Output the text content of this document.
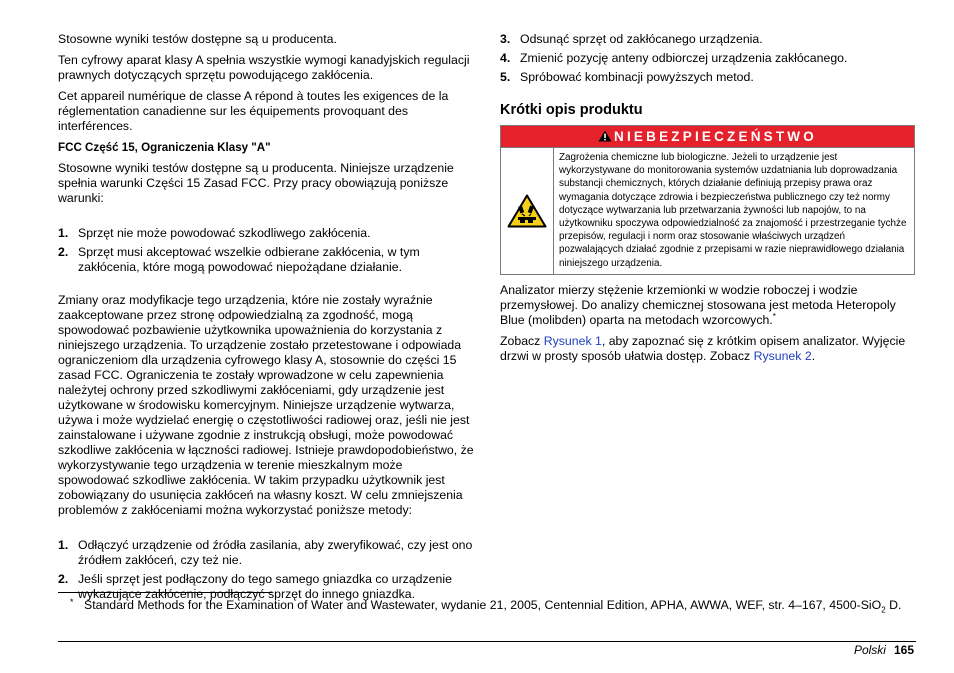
Stosowne wyniki testów dostępne są u producenta.

Ten cyfrowy aparat klasy A spełnia wszystkie wymogi kanadyjskich regulacji prawnych dotyczących sprzętu powodującego zakłócenia.

Cet appareil numérique de classe A répond à toutes les exigences de la réglementation canadienne sur les équipements provoquant des interférences.

FCC Część 15, Ograniczenia Klasy "A"

Stosowne wyniki testów dostępne są u producenta. Niniejsze urządzenie spełnia warunki Części 15 Zasad FCC. Przy pracy obowiązują poniższe warunki:

1. Sprzęt nie może powodować szkodliwego zakłócenia.
2. Sprzęt musi akceptować wszelkie odbierane zakłócenia, w tym zakłócenia, które mogą powodować niepożądane działanie.

Zmiany oraz modyfikacje tego urządzenia, które nie zostały wyraźnie zaakceptowane przez stronę odpowiedzialną za zgodność, mogą spowodować pozbawienie użytkownika upoważnienia do korzystania z niniejszego urządzenia. To urządzenie zostało przetestowane i odpowiada ograniczeniom dla urządzenia cyfrowego klasy A, stosownie do części 15 zasad FCC. Ograniczenia te zostały wprowadzone w celu zapewnienia należytej ochrony przed szkodliwymi zakłóceniami, gdy urządzenie jest użytkowane w środowisku komercyjnym. Niniejsze urządzenie wytwarza, używa i może wydzielać energię o częstotliwości radiowej oraz, jeśli nie jest zainstalowane i używane zgodnie z instrukcją obsługi, może powodować szkodliwe zakłócenia w łączności radiowej. Istnieje prawdopodobieństwo, że wykorzystywanie tego urządzenia w terenie mieszkalnym może spowodować szkodliwe zakłócenia. W takim przypadku użytkownik jest zobowiązany do usunięcia zakłóceń na własny koszt. W celu zmniejszenia problemów z zakłóceniami można wykorzystać poniższe metody:

1. Odłączyć urządzenie od źródła zasilania, aby zweryfikować, czy jest ono źródłem zakłóceń, czy też nie.
2. Jeśli sprzęt jest podłączony do tego samego gniazdka co urządzenie wykazujące zakłócenie, podłączyć sprzęt do innego gniazdka.
3. Odsunąć sprzęt od zakłócanego urządzenia.
4. Zmienić pozycję anteny odbiorczej urządzenia zakłócanego.
5. Spróbować kombinacji powyższych metod.
Krótki opis produktu
NIEBEZPIECZEŃSTWO
Zagrożenia chemiczne lub biologiczne. Jeżeli to urządzenie jest wykorzystywane do monitorowania systemów uzdatniania lub doprowadzania substancji chemicznych, których działanie definiują przepisy prawa oraz wymagania dotyczące zdrowia i bezpieczeństwa publicznego czy też normy dotyczące wytwarzania lub przetwarzania żywności lub napojów, to na użytkowniku spoczywa odpowiedzialność za znajomość i przestrzeganie tychże przepisów, regulacji i norm oraz stosowanie właściwych urządzeń pozwalających działać zgodnie z przepisami w razie nieprawidłowego działania niniejszego urządzenia.

Analizator mierzy stężenie krzemionki w wodzie roboczej i wodzie przemysłowej. Do analizy chemicznej stosowana jest metoda Heteropoly Blue (molibden) oparta na metodach wzorcowych.*

Zobacz Rysunek 1, aby zapoznać się z krótkim opisem analizator. Wyjęcie drzwi w prosty sposób ułatwia dostęp. Zobacz Rysunek 2.

* Standard Methods for the Examination of Water and Wastewater, wydanie 21, 2005, Centennial Edition, APHA, AWWA, WEF, str. 4–167, 4500-SiO$_2$ D.
Polski 165
